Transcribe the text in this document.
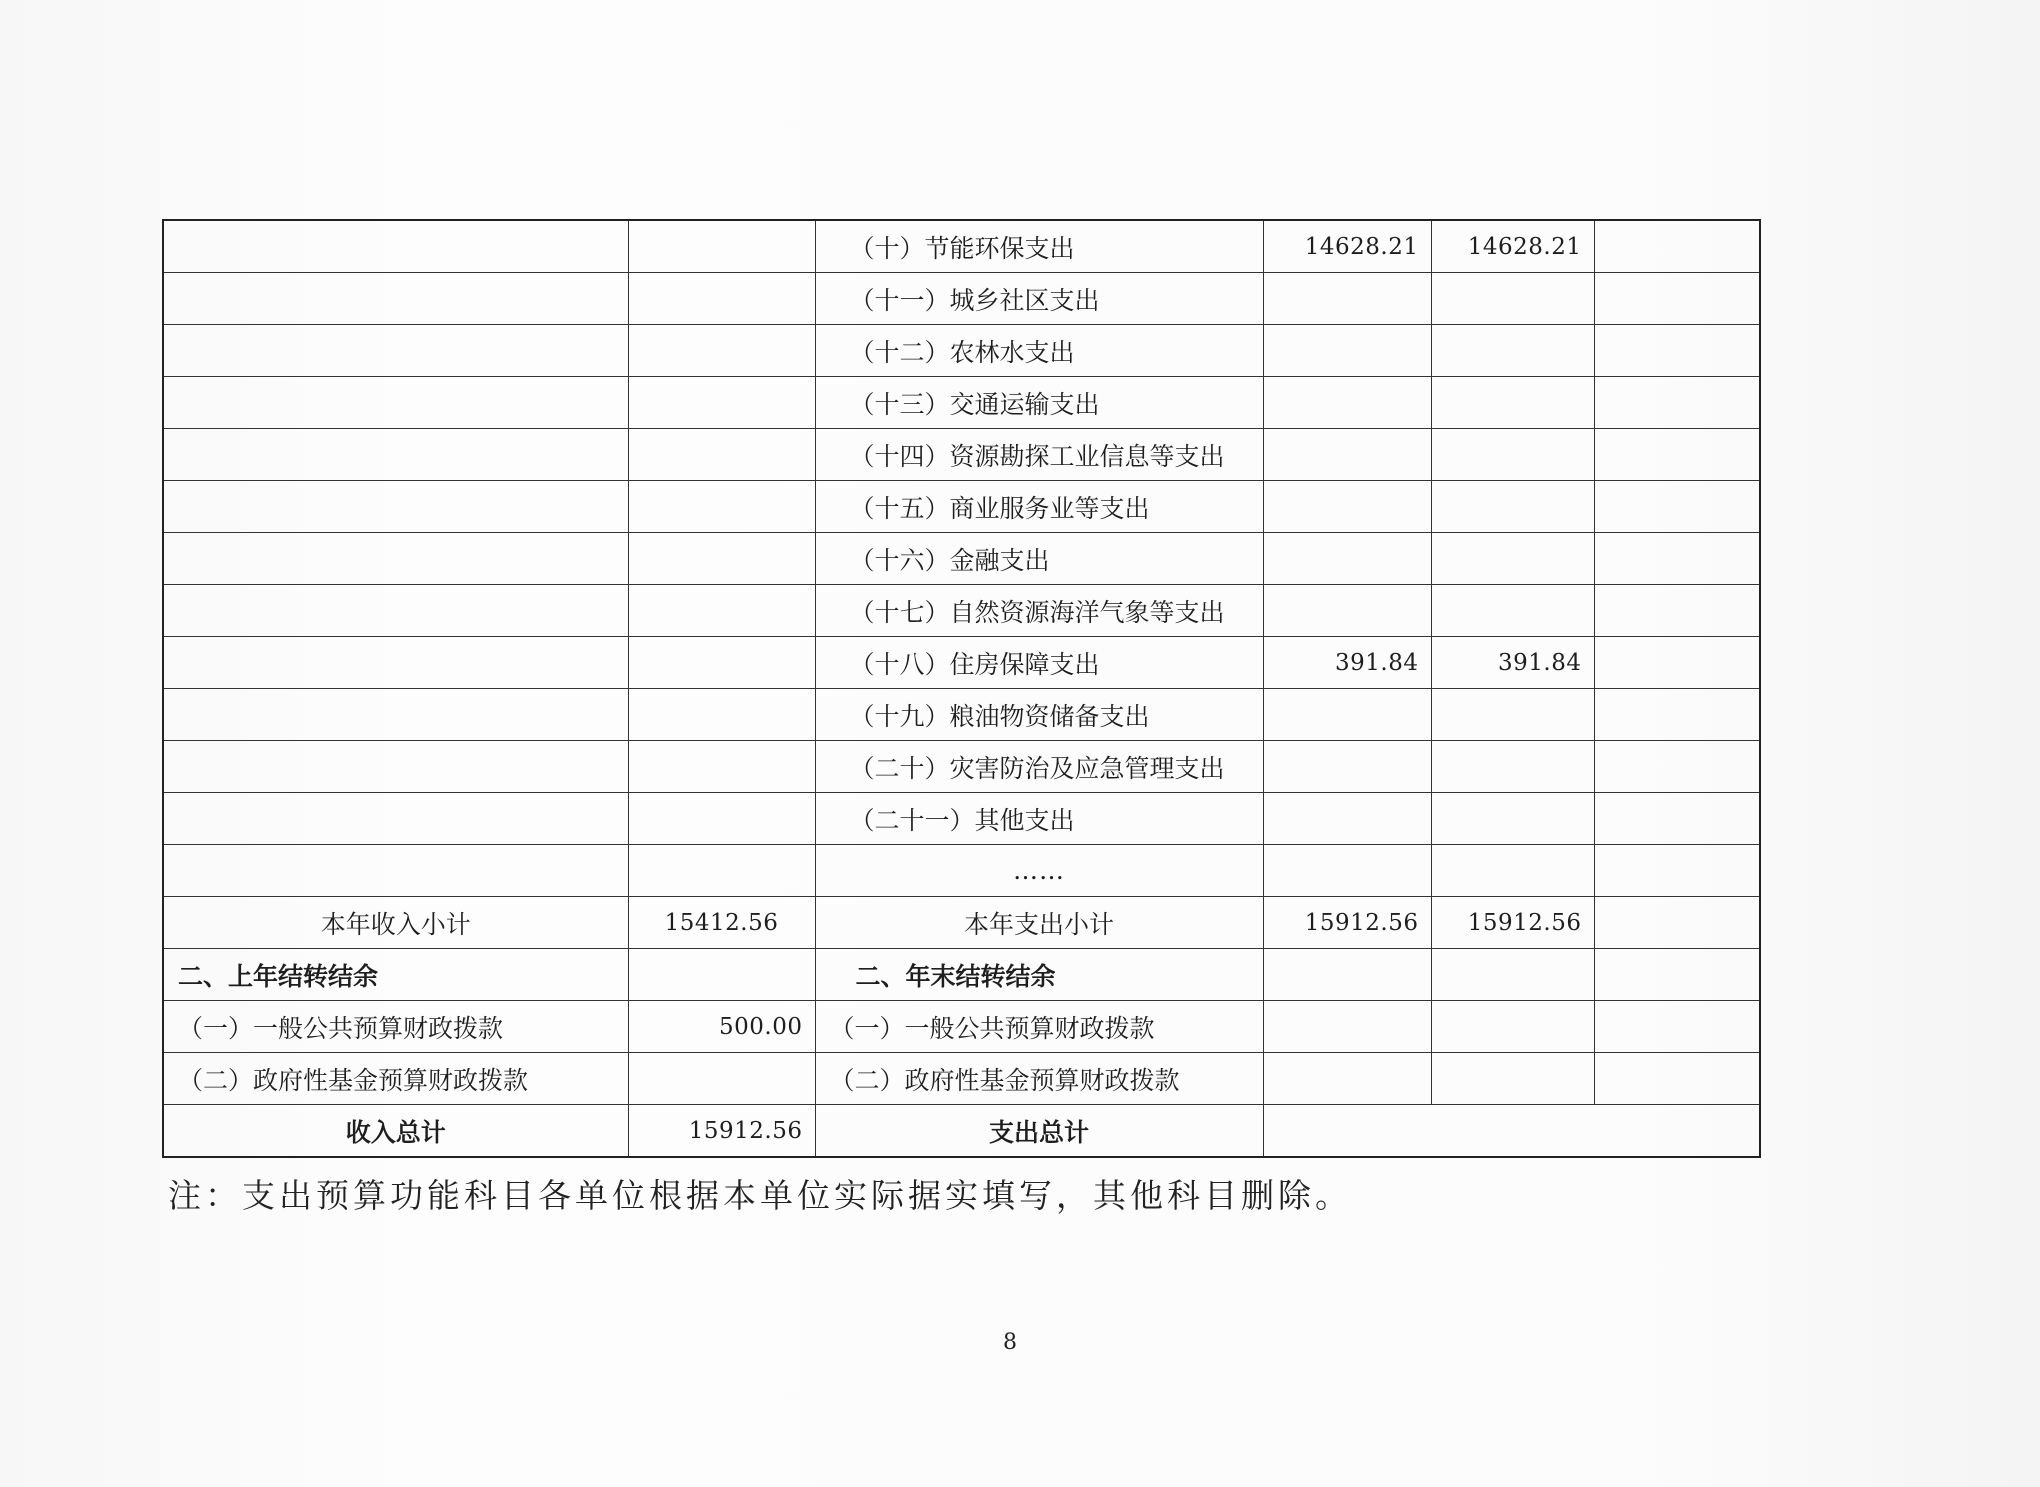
		（十）节能环保支出	14628.21	14628.21	
		（十一）城乡社区支出			
		（十二）农林水支出			
		（十三）交通运输支出			
		（十四）资源勘探工业信息等支出			
		（十五）商业服务业等支出			
		（十六）金融支出			
		（十七）自然资源海洋气象等支出			
		（十八）住房保障支出	391.84	391.84	
		（十九）粮油物资储备支出			
		（二十）灾害防治及应急管理支出			
		（二十一）其他支出			
		……			
本年收入小计	15412.56	本年支出小计	15912.56	15912.56	
二、上年结转结余		二、年末结转结余			
（一）一般公共预算财政拨款	500.00	（一）一般公共预算财政拨款			
（二）政府性基金预算财政拨款		（二）政府性基金预算财政拨款			
收入总计	15912.56	支出总计			
注：支出预算功能科目各单位根据本单位实际据实填写，其他科目删除。
8
